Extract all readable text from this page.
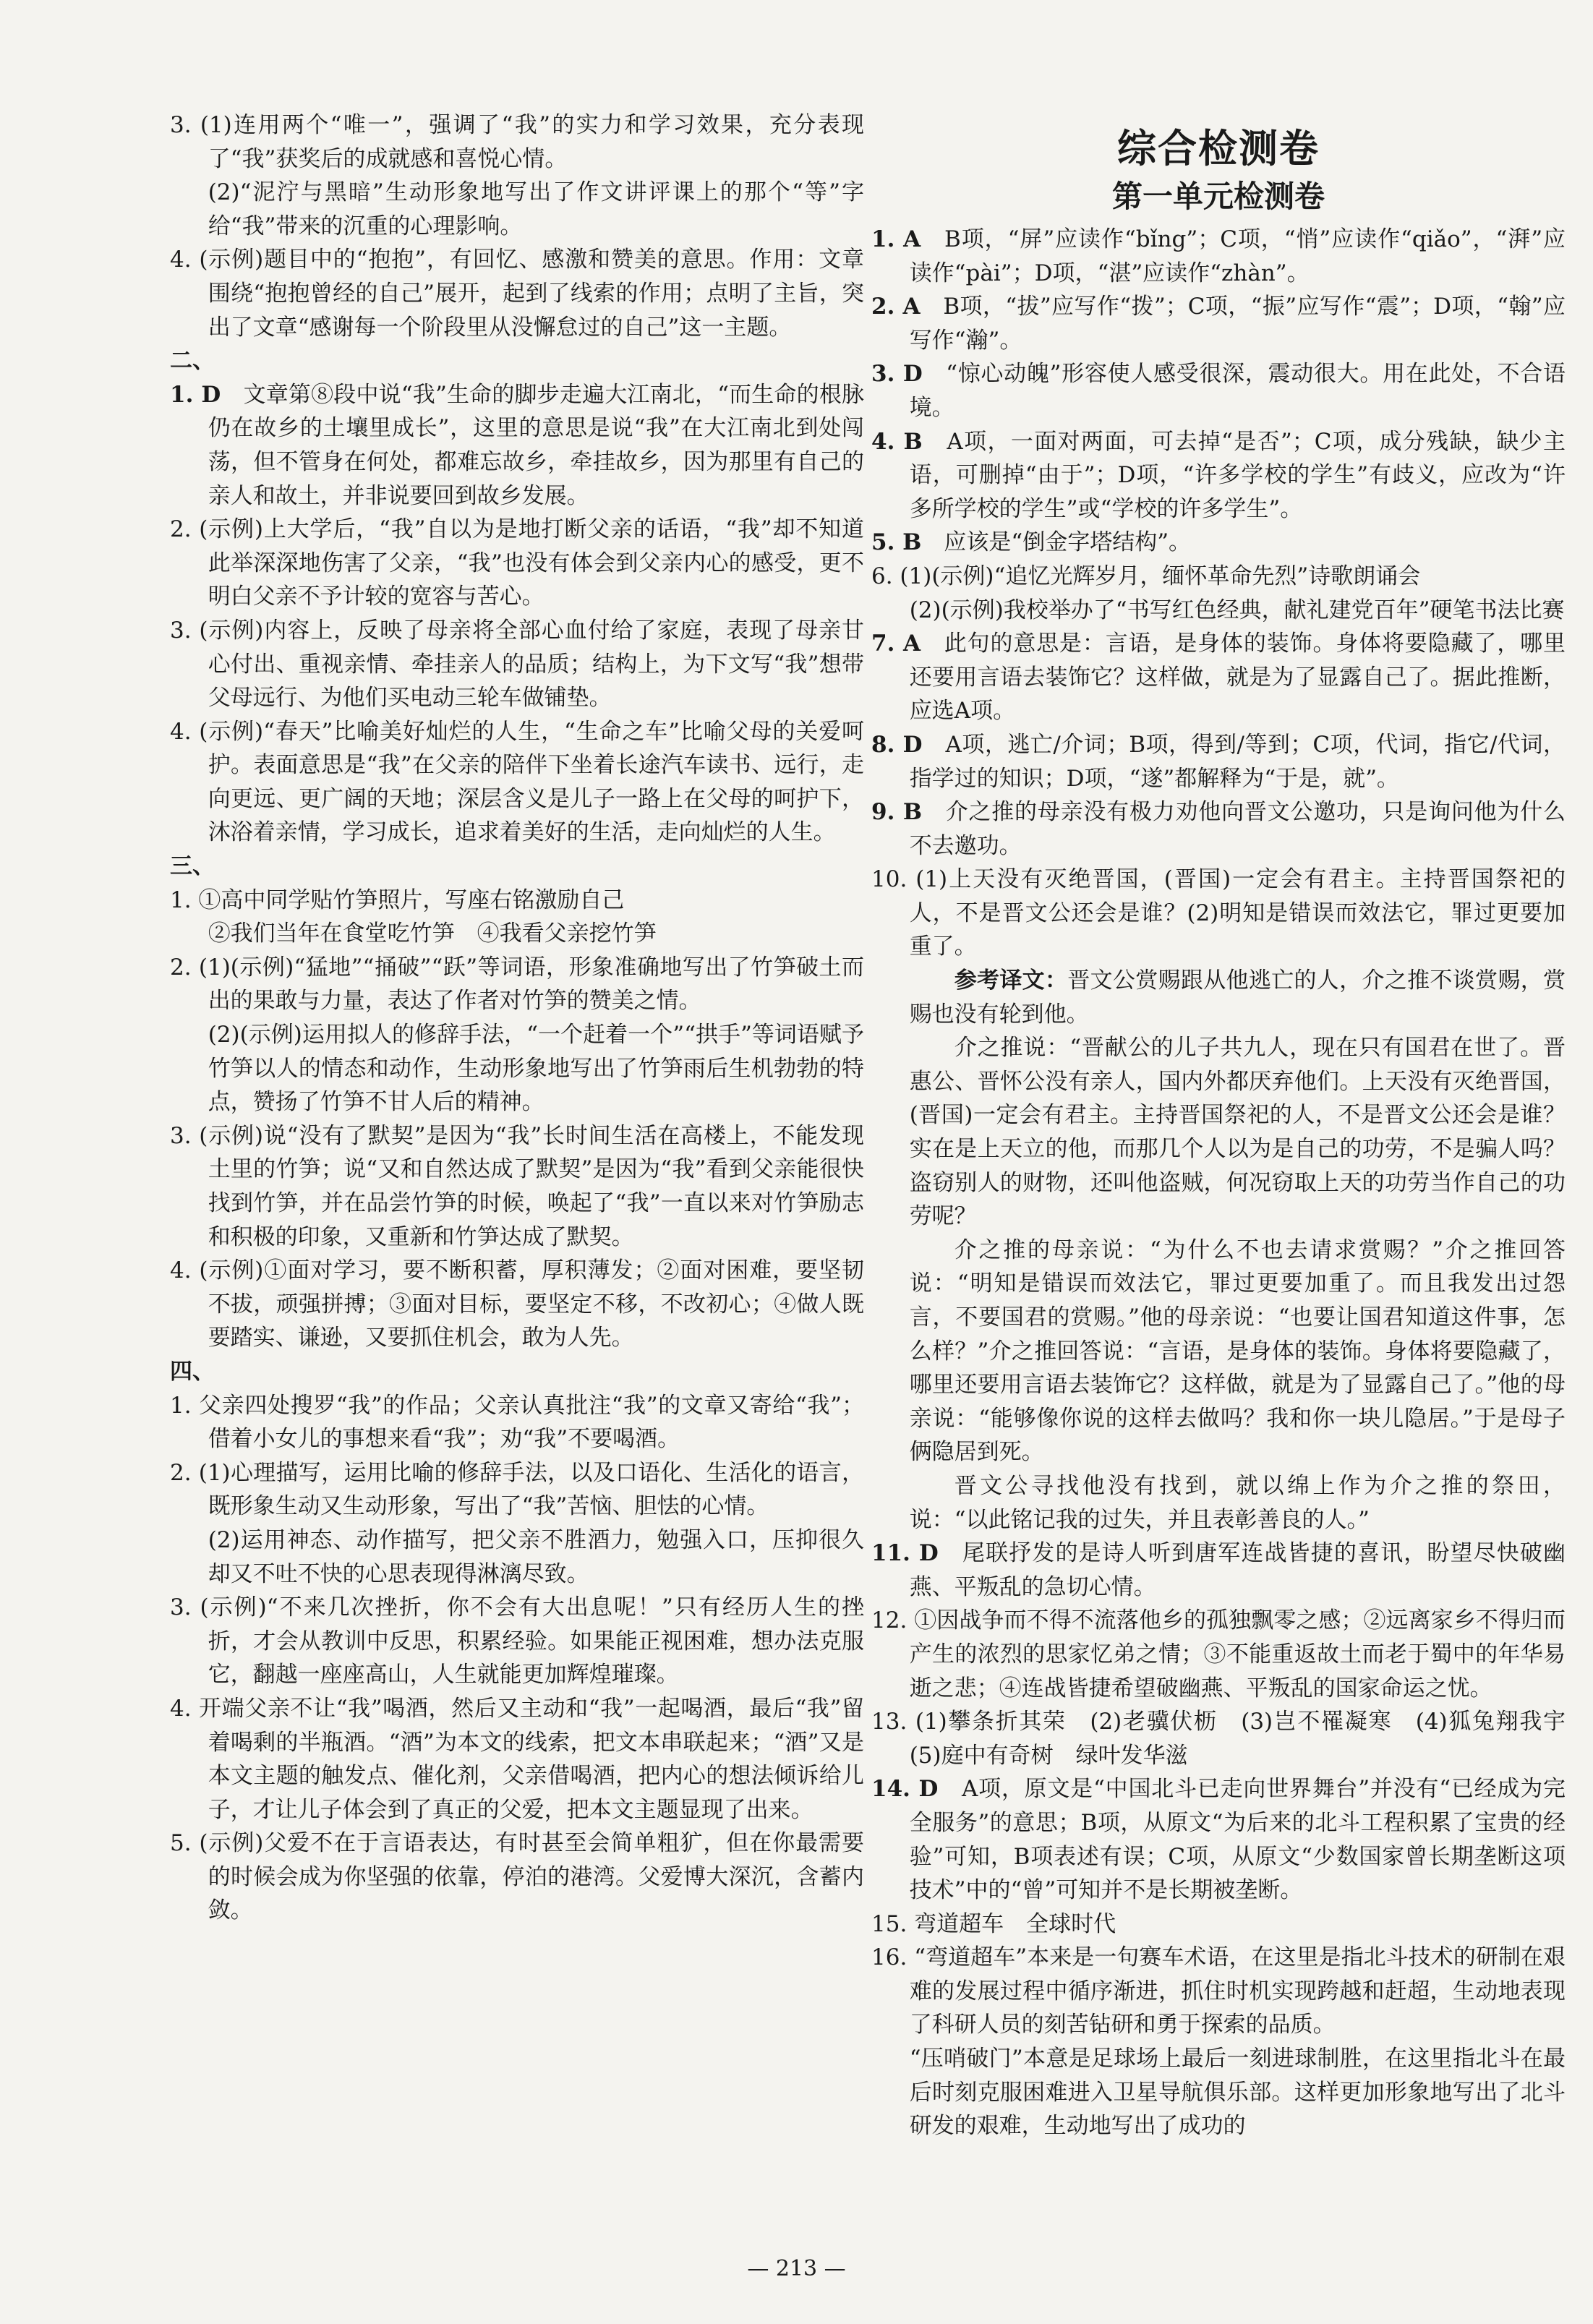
3. (1)连用两个“唯一”，强调了“我”的实力和学习效果，充分表现了“我”获奖后的成就感和喜悦心情。

(2)“泥泞与黑暗”生动形象地写出了作文讲评课上的那个“等”字给“我”带来的沉重的心理影响。

4. (示例)题目中的“抱抱”，有回忆、感激和赞美的意思。作用：文章围绕“抱抱曾经的自己”展开，起到了线索的作用；点明了主旨，突出了文章“感谢每一个阶段里从没懈怠过的自己”这一主题。

二、

1. D　文章第⑧段中说“我”生命的脚步走遍大江南北，“而生命的根脉仍在故乡的土壤里成长”，这里的意思是说“我”在大江南北到处闯荡，但不管身在何处，都难忘故乡，牵挂故乡，因为那里有自己的亲人和故土，并非说要回到故乡发展。

2. (示例)上大学后，“我”自以为是地打断父亲的话语，“我”却不知道此举深深地伤害了父亲，“我”也没有体会到父亲内心的感受，更不明白父亲不予计较的宽容与苦心。

3. (示例)内容上，反映了母亲将全部心血付给了家庭，表现了母亲甘心付出、重视亲情、牵挂亲人的品质；结构上，为下文写“我”想带父母远行、为他们买电动三轮车做铺垫。

4. (示例)“春天”比喻美好灿烂的人生，“生命之车”比喻父母的关爱呵护。表面意思是“我”在父亲的陪伴下坐着长途汽车读书、远行，走向更远、更广阔的天地；深层含义是儿子一路上在父母的呵护下，沐浴着亲情，学习成长，追求着美好的生活，走向灿烂的人生。

三、

1. ①高中同学贴竹笋照片，写座右铭激励自己

②我们当年在食堂吃竹笋　④我看父亲挖竹笋

2. (1)(示例)“猛地”“捅破”“跃”等词语，形象准确地写出了竹笋破土而出的果敢与力量，表达了作者对竹笋的赞美之情。

(2)(示例)运用拟人的修辞手法，“一个赶着一个”“拱手”等词语赋予竹笋以人的情态和动作，生动形象地写出了竹笋雨后生机勃勃的特点，赞扬了竹笋不甘人后的精神。

3. (示例)说“没有了默契”是因为“我”长时间生活在高楼上，不能发现土里的竹笋；说“又和自然达成了默契”是因为“我”看到父亲能很快找到竹笋，并在品尝竹笋的时候，唤起了“我”一直以来对竹笋励志和积极的印象，又重新和竹笋达成了默契。

4. (示例)①面对学习，要不断积蓄，厚积薄发；②面对困难，要坚韧不拔，顽强拼搏；③面对目标，要坚定不移，不改初心；④做人既要踏实、谦逊，又要抓住机会，敢为人先。

四、

1. 父亲四处搜罗“我”的作品；父亲认真批注“我”的文章又寄给“我”；借着小女儿的事想来看“我”；劝“我”不要喝酒。

2. (1)心理描写，运用比喻的修辞手法，以及口语化、生活化的语言，既形象生动又生动形象，写出了“我”苦恼、胆怯的心情。

(2)运用神态、动作描写，把父亲不胜酒力，勉强入口，压抑很久却又不吐不快的心思表现得淋漓尽致。

3. (示例)“不来几次挫折，你不会有大出息呢！”只有经历人生的挫折，才会从教训中反思，积累经验。如果能正视困难，想办法克服它，翻越一座座高山，人生就能更加辉煌璀璨。

4. 开端父亲不让“我”喝酒，然后又主动和“我”一起喝酒，最后“我”留着喝剩的半瓶酒。“酒”为本文的线索，把文本串联起来；“酒”又是本文主题的触发点、催化剂，父亲借喝酒，把内心的想法倾诉给儿子，才让儿子体会到了真正的父爱，把本文主题显现了出来。

5. (示例)父爱不在于言语表达，有时甚至会简单粗犷，但在你最需要的时候会成为你坚强的依靠，停泊的港湾。父爱博大深沉，含蓄内敛。

综合检测卷
第一单元检测卷

1. A　B项，“屏”应读作“bǐng”；C项，“悄”应读作“qiǎo”，“湃”应读作“pài”；D项，“湛”应读作“zhàn”。

2. A　B项，“拔”应写作“拨”；C项，“振”应写作“震”；D项，“翰”应写作“瀚”。

3. D　“惊心动魄”形容使人感受很深，震动很大。用在此处，不合语境。

4. B　A项，一面对两面，可去掉“是否”；C项，成分残缺，缺少主语，可删掉“由于”；D项，“许多学校的学生”有歧义，应改为“许多所学校的学生”或“学校的许多学生”。

5. B　应该是“倒金字塔结构”。

6. (1)(示例)“追忆光辉岁月，缅怀革命先烈”诗歌朗诵会

(2)(示例)我校举办了“书写红色经典，献礼建党百年”硬笔书法比赛

7. A　此句的意思是：言语，是身体的装饰。身体将要隐藏了，哪里还要用言语去装饰它？这样做，就是为了显露自己了。据此推断，应选A项。

8. D　A项，逃亡/介词；B项，得到/等到；C项，代词，指它/代词，指学过的知识；D项，“遂”都解释为“于是，就”。

9. B　介之推的母亲没有极力劝他向晋文公邀功，只是询问他为什么不去邀功。

10. (1)上天没有灭绝晋国，(晋国)一定会有君主。主持晋国祭祀的人，不是晋文公还会是谁？(2)明知是错误而效法它，罪过更要加重了。

参考译文：晋文公赏赐跟从他逃亡的人，介之推不谈赏赐，赏赐也没有轮到他。

介之推说：“晋献公的儿子共九人，现在只有国君在世了。晋惠公、晋怀公没有亲人，国内外都厌弃他们。上天没有灭绝晋国，(晋国)一定会有君主。主持晋国祭祀的人，不是晋文公还会是谁？实在是上天立的他，而那几个人以为是自己的功劳，不是骗人吗？盗窃别人的财物，还叫他盗贼，何况窃取上天的功劳当作自己的功劳呢？

介之推的母亲说：“为什么不也去请求赏赐？”介之推回答说：“明知是错误而效法它，罪过更要加重了。而且我发出过怨言，不要国君的赏赐。”他的母亲说：“也要让国君知道这件事，怎么样？”介之推回答说：“言语，是身体的装饰。身体将要隐藏了，哪里还要用言语去装饰它？这样做，就是为了显露自己了。”他的母亲说：“能够像你说的这样去做吗？我和你一块儿隐居。”于是母子俩隐居到死。

晋文公寻找他没有找到，就以绵上作为介之推的祭田，说：“以此铭记我的过失，并且表彰善良的人。”

11. D　尾联抒发的是诗人听到唐军连战皆捷的喜讯，盼望尽快破幽燕、平叛乱的急切心情。

12. ①因战争而不得不流落他乡的孤独飘零之感；②远离家乡不得归而产生的浓烈的思家忆弟之情；③不能重返故土而老于蜀中的年华易逝之悲；④连战皆捷希望破幽燕、平叛乱的国家命运之忧。

13. (1)攀条折其荣　(2)老骥伏枥　(3)岂不罹凝寒　(4)狐兔翔我宇　(5)庭中有奇树　绿叶发华滋

14. D　A项，原文是“中国北斗已走向世界舞台”并没有“已经成为完全服务”的意思；B项，从原文“为后来的北斗工程积累了宝贵的经验”可知，B项表述有误；C项，从原文“少数国家曾长期垄断这项技术”中的“曾”可知并不是长期被垄断。

15. 弯道超车　全球时代

16. “弯道超车”本来是一句赛车术语，在这里是指北斗技术的研制在艰难的发展过程中循序渐进，抓住时机实现跨越和赶超，生动地表现了科研人员的刻苦钻研和勇于探索的品质。

“压哨破门”本意是足球场上最后一刻进球制胜，在这里指北斗在最后时刻克服困难进入卫星导航俱乐部。这样更加形象地写出了北斗研发的艰难，生动地写出了成功的

— 213 —
